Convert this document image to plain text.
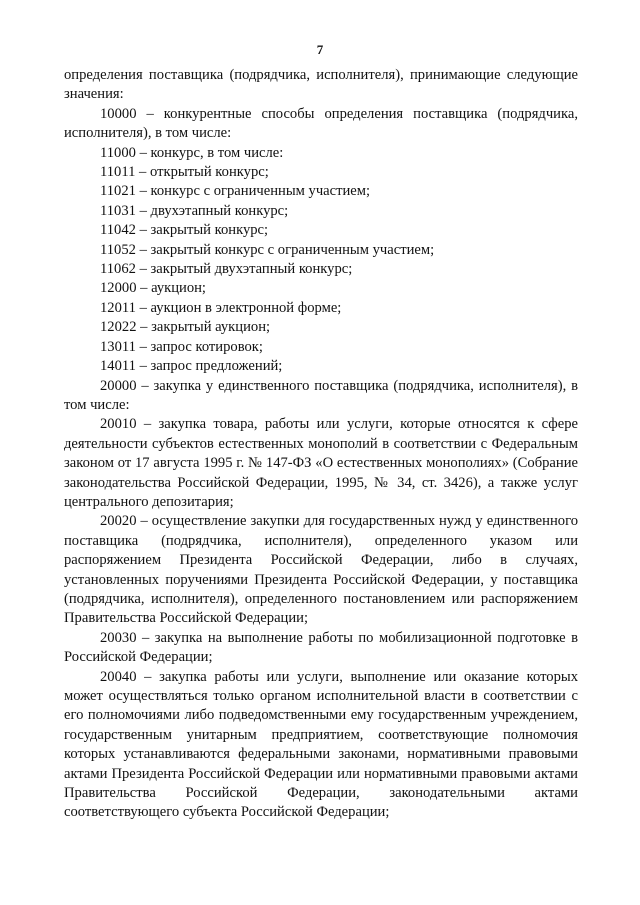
7

определения поставщика (подрядчика, исполнителя), принимающие следующие значения:

10000 – конкурентные способы определения поставщика (подрядчика, исполнителя), в том числе:

11000 – конкурс, в том числе:

11011 – открытый конкурс;

11021 – конкурс с ограниченным участием;

11031 – двухэтапный конкурс;

11042 – закрытый конкурс;

11052 – закрытый конкурс с ограниченным участием;

11062 – закрытый двухэтапный конкурс;

12000 – аукцион;

12011 – аукцион в электронной форме;

12022 – закрытый аукцион;

13011 – запрос котировок;

14011 – запрос предложений;

20000 – закупка у единственного поставщика (подрядчика, исполнителя), в том числе:

20010 – закупка товара, работы или услуги, которые относятся к сфере деятельности субъектов естественных монополий в соответствии с Федеральным законом от 17 августа 1995 г. № 147-ФЗ «О естественных монополиях» (Собрание законодательства Российской Федерации, 1995, № 34, ст. 3426), а также услуг центрального депозитария;

20020 – осуществление закупки для государственных нужд у единственного поставщика (подрядчика, исполнителя), определенного указом или распоряжением Президента Российской Федерации, либо в случаях, установленных поручениями Президента Российской Федерации, у поставщика (подрядчика, исполнителя), определенного постановлением или распоряжением Правительства Российской Федерации;

20030 – закупка на выполнение работы по мобилизационной подготовке в Российской Федерации;

20040 – закупка работы или услуги, выполнение или оказание которых может осуществляться только органом исполнительной власти в соответствии с его полномочиями либо подведомственными ему государственным учреждением, государственным унитарным предприятием, соответствующие полномочия которых устанавливаются федеральными законами, нормативными правовыми актами Президента Российской Федерации или нормативными правовыми актами Правительства Российской Федерации, законодательными актами соответствующего субъекта Российской Федерации;
